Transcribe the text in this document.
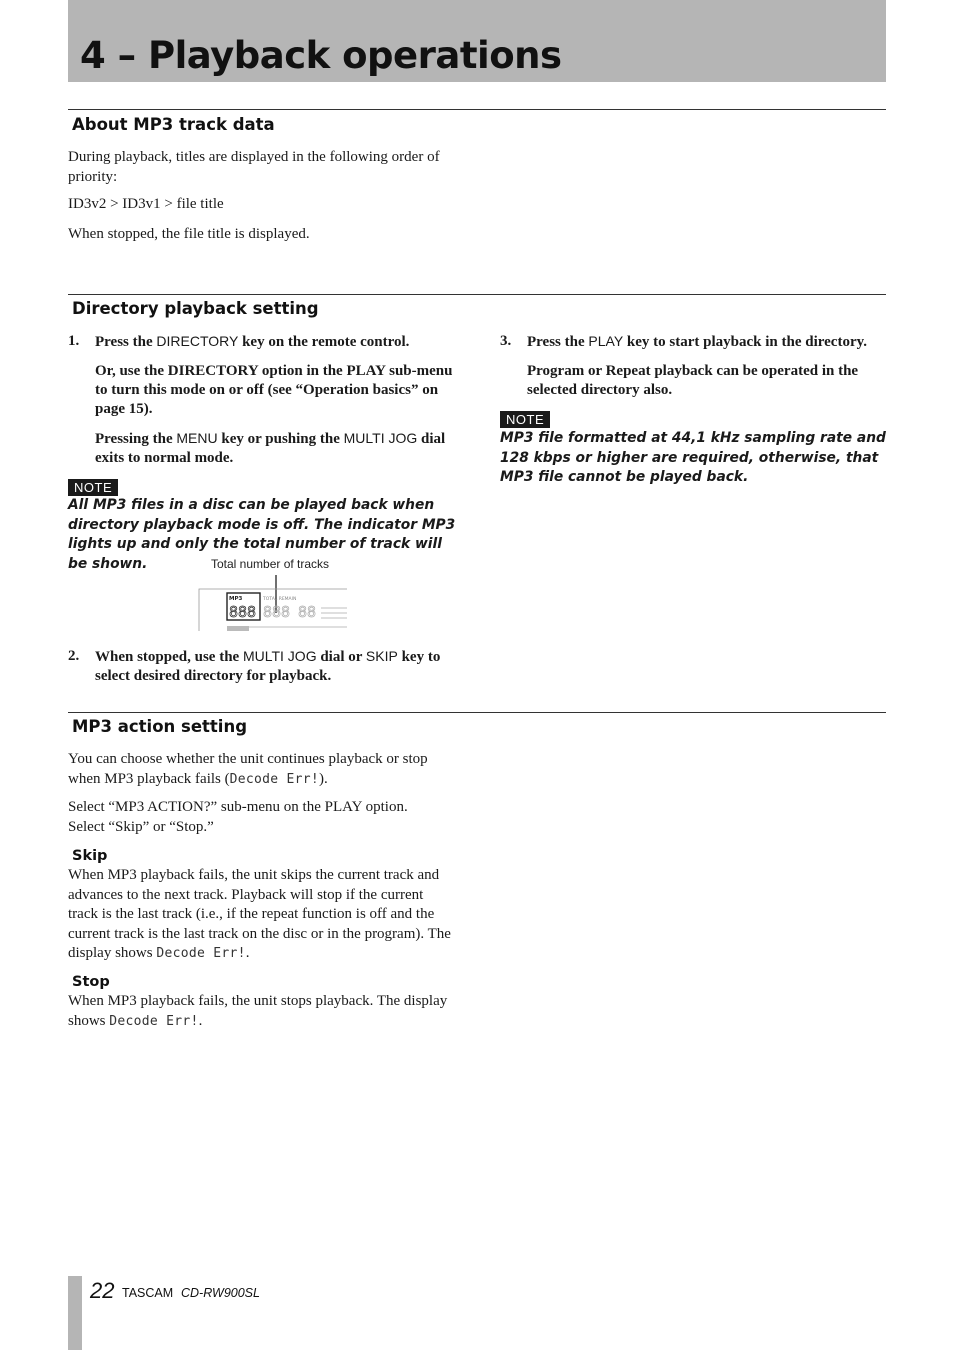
4 – Playback operations
About MP3 track data

During playback, titles are displayed in the following order of priority:

ID3v2 > ID3v1 > file title

When stopped, the file title is displayed.

Directory playback setting
1. Press the DIRECTORY key on the remote control.
Or, use the DIRECTORY option in the PLAY sub-menu to turn this mode on or off (see “Operation basics” on page 15).
Pressing the MENU key or pushing the MULTI JOG dial exits to normal mode.
NOTE

All MP3 files in a disc can be played back when directory playback mode is off. The indicator MP3 lights up and only the total number of track will be shown.	Total number of tracks
MP3
888
TOTAL REMAIN
888 88
2. When stopped, use the MULTI JOG dial or SKIP key to select desired directory for playback.
3. Press the PLAY key to start playback in the directory.
Program or Repeat playback can be operated in the selected directory also.
NOTE

MP3 file formatted at 44,1 kHz sampling rate and 128 kbps or higher are required, otherwise, that MP3 file cannot be played back.

MP3 action setting

You can choose whether the unit continues playback or stop when MP3 playback fails (Decode Err!).

Select “MP3 ACTION?” sub-menu on the PLAY option. Select “Skip” or “Stop.”

Skip

When MP3 playback fails, the unit skips the current track and advances to the next track. Playback will stop if the current track is the last track (i.e., if the repeat function is off and the current track is the last track on the disc or in the program). The display shows Decode Err!.

Stop

When MP3 playback fails, the unit stops playback. The display shows Decode Err!.

22 TASCAM CD-RW900SL
